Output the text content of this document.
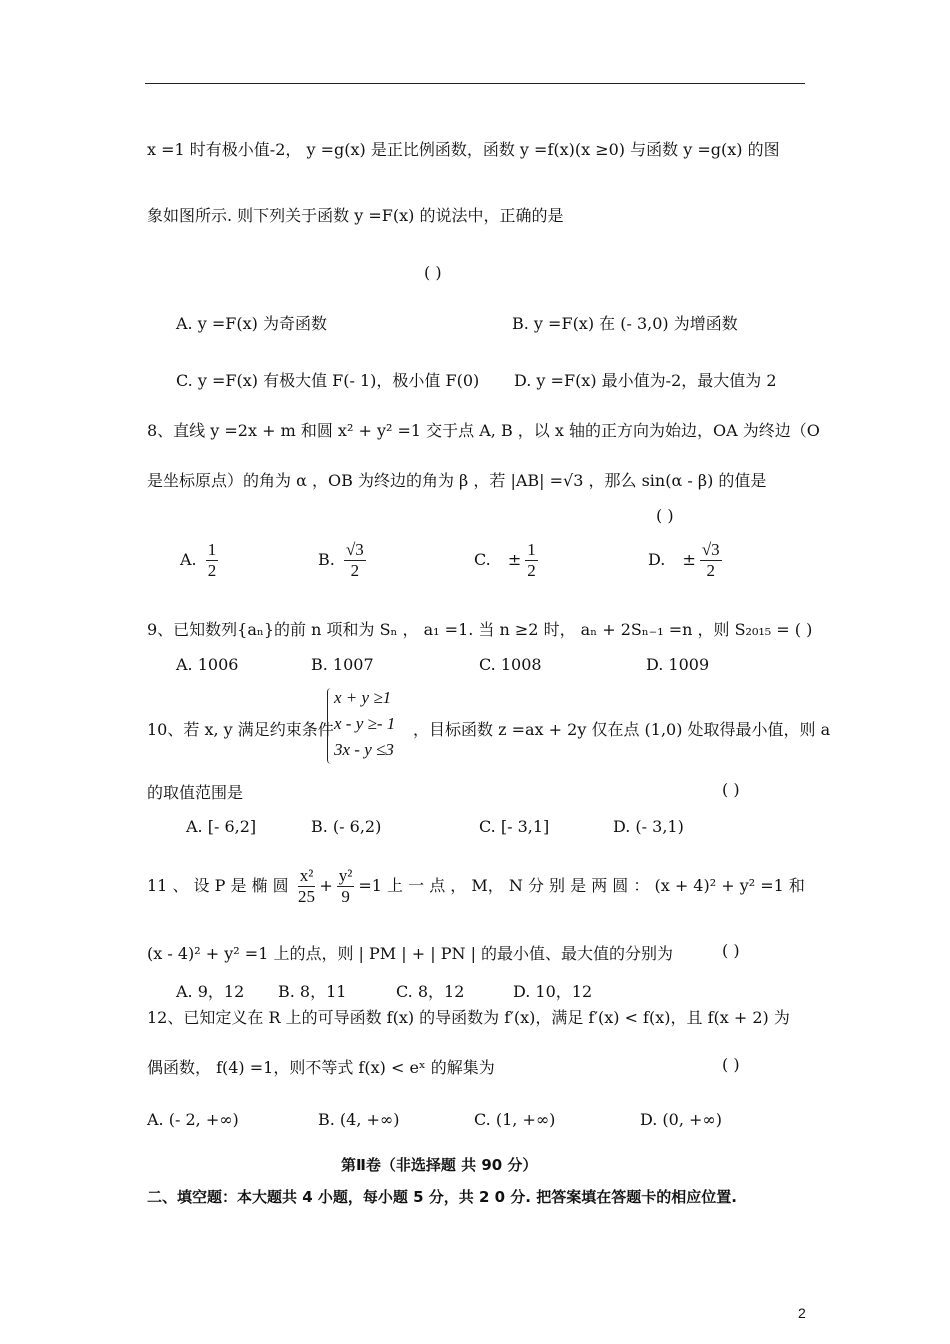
x =1 时有极小值-2， y =g(x) 是正比例函数，函数 y =f(x)(x ≥0) 与函数 y =g(x) 的图
象如图所示. 则下列关于函数 y =F(x) 的说法中，正确的是
( )
A. y =F(x) 为奇函数	B. y =F(x) 在 (- 3,0) 为增函数
C. y =F(x) 有极大值 F(- 1)，极小值 F(0) D. y =F(x) 最小值为-2，最大值为 2
8、直线 y =2x + m 和圆 x² + y² =1 交于点 A, B ，以 x 轴的正方向为始边，OA 为终边（O
是坐标原点）的角为 α ，OB 为终边的角为 β ，若 |AB| =√3 ，那么 sin(α - β) 的值是
( )
A. $\frac{1}{2}$	B. $\frac{√3}{2}$	C. ± $\frac{1}{2}$	D. ± $\frac{√3}{2}$
9、已知数列{aₙ}的前 n 项和为 Sₙ ， a₁ =1. 当 n ≥2 时， aₙ + 2Sₙ₋₁ =n ，则 S₂₀₁₅ = ( )
A. 1006	B. 1007	C. 1008	D. 1009
10、若 x, y 满足约束条件
x + y ≥1
x - y ≥- 1
3x - y ≤3
，目标函数 z =ax + 2y 仅在点 (1,0) 处取得最小值，则 a
的取值范围是	( )
A. [- 6,2]	B. (- 6,2)	C. [- 3,1]	D. (- 3,1)
11 、 设 P 是 椭 圆 $\frac{\text{x²}}{25} + \frac{\text{y²}}{9} =1$ 上 一 点 ， M， N 分 别 是 两 圆 ： (x + 4)² + y² =1 和
(x - 4)² + y² =1 上的点，则 | PM | + | PN | 的最小值、最大值的分别为	( )
A. 9，12 B. 8，11	C. 8，12	D. 10，12
12、已知定义在 R 上的可导函数 f(x) 的导函数为 f′(x)，满足 f′(x) < f(x)，且 f(x + 2) 为
偶函数， f(4) =1，则不等式 f(x) < eˣ 的解集为	( )
A. (- 2, +∞)	B. (4, +∞)	C. (1, +∞)	D. (0, +∞)
第Ⅱ卷（非选择题 共 90 分）
二、填空题：本大题共 4 小题，每小题 5 分，共 2 0 分. 把答案填在答题卡的相应位置.
2
